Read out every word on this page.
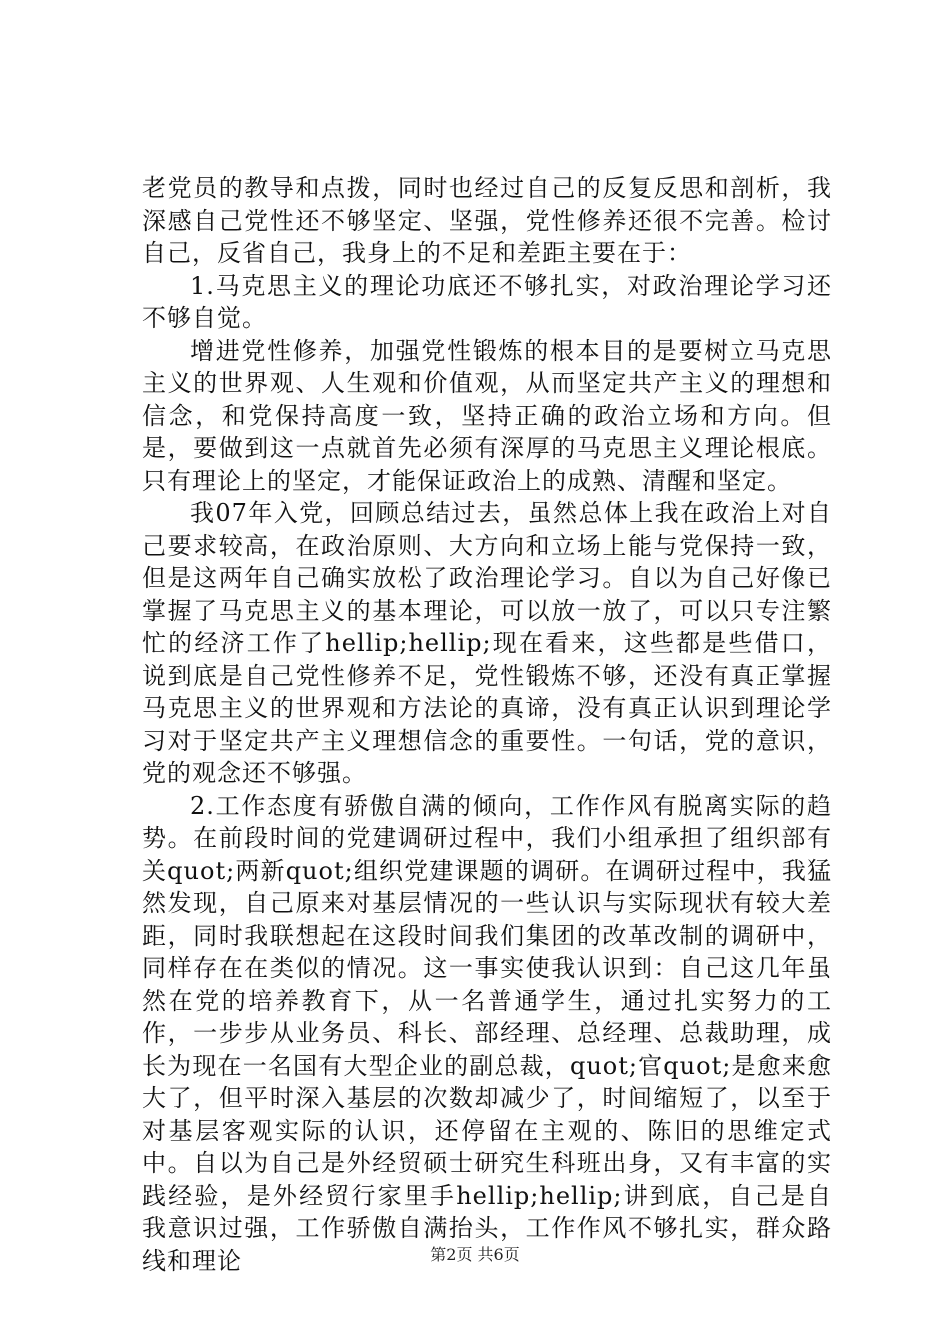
老党员的教导和点拨，同时也经过自己的反复反思和剖析，我深感自己党性还不够坚定、坚强，党性修养还很不完善。检讨自己，反省自己，我身上的不足和差距主要在于：

1.马克思主义的理论功底还不够扎实，对政治理论学习还不够自觉。

增进党性修养，加强党性锻炼的根本目的是要树立马克思主义的世界观、人生观和价值观，从而坚定共产主义的理想和信念，和党保持高度一致，坚持正确的政治立场和方向。但是，要做到这一点就首先必须有深厚的马克思主义理论根底。只有理论上的坚定，才能保证政治上的成熟、清醒和坚定。

我07年入党，回顾总结过去，虽然总体上我在政治上对自己要求较高，在政治原则、大方向和立场上能与党保持一致，但是这两年自己确实放松了政治理论学习。自以为自己好像已掌握了马克思主义的基本理论，可以放一放了，可以只专注繁忙的经济工作了hellip;hellip;现在看来，这些都是些借口，说到底是自己党性修养不足，党性锻炼不够，还没有真正掌握马克思主义的世界观和方法论的真谛，没有真正认识到理论学习对于坚定共产主义理想信念的重要性。一句话，党的意识，党的观念还不够强。

2.工作态度有骄傲自满的倾向，工作作风有脱离实际的趋势。在前段时间的党建调研过程中，我们小组承担了组织部有关quot;两新quot;组织党建课题的调研。在调研过程中，我猛然发现，自己原来对基层情况的一些认识与实际现状有较大差距，同时我联想起在这段时间我们集团的改革改制的调研中，同样存在在类似的情况。这一事实使我认识到：自己这几年虽然在党的培养教育下，从一名普通学生，通过扎实努力的工作，一步步从业务员、科长、部经理、总经理、总裁助理，成长为现在一名国有大型企业的副总裁，quot;官quot;是愈来愈大了，但平时深入基层的次数却减少了，时间缩短了，以至于对基层客观实际的认识，还停留在主观的、陈旧的思维定式中。自以为自己是外经贸硕士研究生科班出身，又有丰富的实践经验，是外经贸行家里手hellip;hellip;讲到底，自己是自我意识过强，工作骄傲自满抬头，工作作风不够扎实，群众路线和理论	第2页 共6页
